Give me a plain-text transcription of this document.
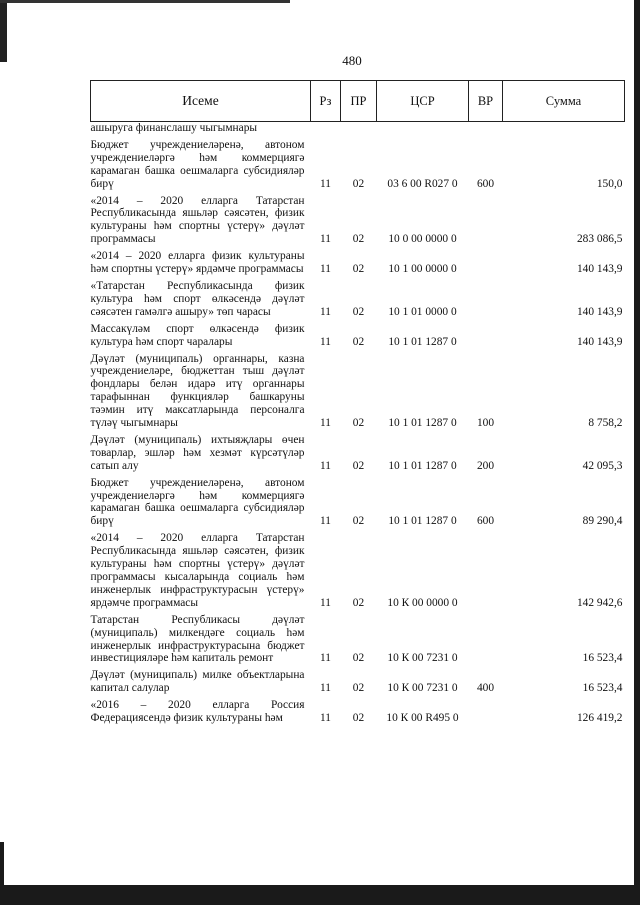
480
Исеме	Рз	ПР	ЦСР	ВР	Сумма
ашыруга финанслашу чыгымнары					
Бюджет учреждениеләренә, автоном учреждениеләргә һәм коммерциягә карамаган башка оешмаларга субсидияләр бирү	11	02	03 6 00 R027 0	600	150,0
«2014 – 2020 елларга Татарстан Республикасында яшьләр сәясәтен, физик культураны һәм спортны үстерү» дәүләт программасы	11	02	10 0 00 0000 0		283 086,5
«2014 – 2020 елларга физик культураны һәм спортны үстерү» ярдәмче программасы	11	02	10 1 00 0000 0		140 143,9
«Татарстан Республикасында физик культура һәм спорт өлкәсендә дәүләт сәясәтен гамәлгә ашыру» төп чарасы	11	02	10 1 01 0000 0		140 143,9
Массакүләм спорт өлкәсендә физик культура һәм спорт чаралары	11	02	10 1 01 1287 0		140 143,9
Дәүләт (муниципаль) органнары, казна учреждениеләре, бюджеттан тыш дәүләт фондлары белән идарә итү органнары тарафыннан функцияләр башкаруны тәэмин итү максатларында персоналга түләү чыгымнары	11	02	10 1 01 1287 0	100	8 758,2
Дәүләт (муниципаль) ихтыяҗлары өчен товарлар, эшләр һәм хезмәт күрсәтүләр сатып алу	11	02	10 1 01 1287 0	200	42 095,3
Бюджет учреждениеләренә, автоном учреждениеләргә һәм коммерциягә карамаган башка оешмаларга субсидияләр бирү	11	02	10 1 01 1287 0	600	89 290,4
«2014 – 2020 елларга Татарстан Республикасында яшьләр сәясәтен, физик культураны һәм спортны үстерү» дәүләт программасы кысаларында социаль һәм инженерлык инфраструктурасын үстерү» ярдәмче программасы	11	02	10 К 00 0000 0		142 942,6
Татарстан Республикасы дәүләт (муниципаль) милкендәге социаль һәм инженерлык инфраструктурасына бюджет инвестицияләре һәм капиталь ремонт	11	02	10 К 00 7231 0		16 523,4
Дәүләт (муниципаль) милке объектларына капитал салулар	11	02	10 К 00 7231 0	400	16 523,4
«2016 – 2020 елларга Россия Федерациясендә физик культураны һәм	11	02	10 К 00 R495 0		126 419,2
